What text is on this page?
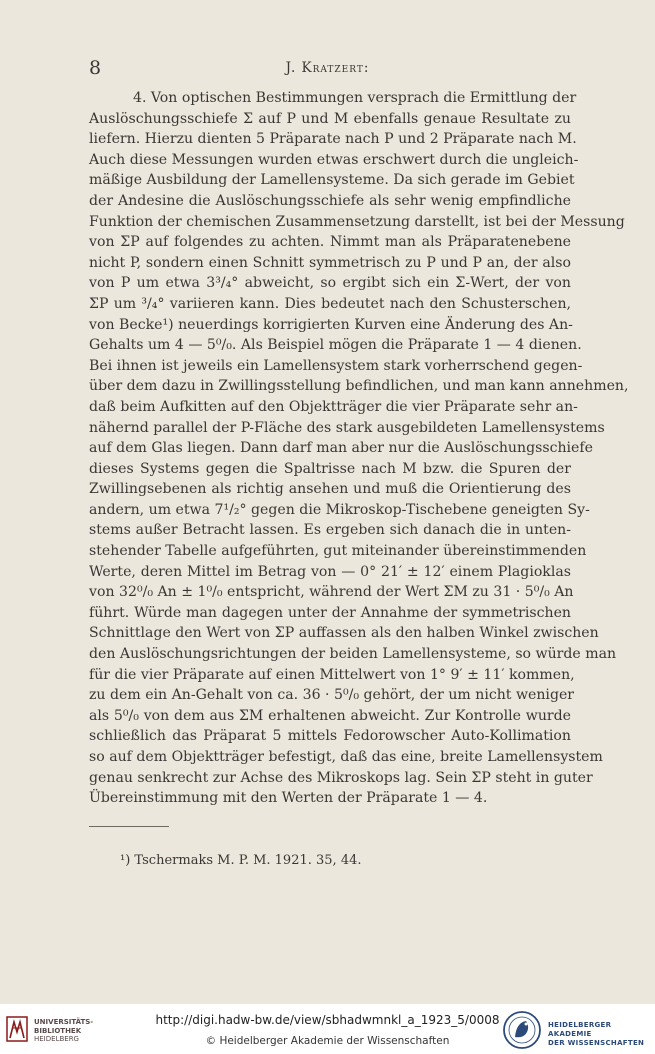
8	J. Kratzert:
4. Von optischen Bestimmungen versprach die Ermittlung der
Auslöschungsschiefe Σ auf P und M ebenfalls genaue Resultate zu
liefern. Hierzu dienten 5 Präparate nach P und 2 Präparate nach M.
Auch diese Messungen wurden etwas erschwert durch die ungleich-
mäßige Ausbildung der Lamellensysteme. Da sich gerade im Gebiet
der Andesine die Auslöschungsschiefe als sehr wenig empfindliche
Funktion der chemischen Zusammensetzung darstellt, ist bei der Messung
von ΣP auf folgendes zu achten. Nimmt man als Präparatenebene
nicht P, sondern einen Schnitt symmetrisch zu P und P an, der also
von P um etwa 3³/₄° abweicht, so ergibt sich ein Σ-Wert, der von
ΣP um ³/₄° variieren kann. Dies bedeutet nach den Schusterschen,
von Becke¹) neuerdings korrigierten Kurven eine Änderung des An-
Gehalts um 4 — 5⁰/₀. Als Beispiel mögen die Präparate 1 — 4 dienen.
Bei ihnen ist jeweils ein Lamellensystem stark vorherrschend gegen-
über dem dazu in Zwillingsstellung befindlichen, und man kann annehmen,
daß beim Aufkitten auf den Objektträger die vier Präparate sehr an-
nähernd parallel der P-Fläche des stark ausgebildeten Lamellensystems
auf dem Glas liegen. Dann darf man aber nur die Auslöschungsschiefe
dieses Systems gegen die Spaltrisse nach M bzw. die Spuren der
Zwillingsebenen als richtig ansehen und muß die Orientierung des
andern, um etwa 7¹/₂° gegen die Mikroskop-Tischebene geneigten Sy-
stems außer Betracht lassen. Es ergeben sich danach die in unten-
stehender Tabelle aufgeführten, gut miteinander übereinstimmenden
Werte, deren Mittel im Betrag von — 0° 21′ ± 12′ einem Plagioklas
von 32⁰/₀ An ± 1⁰/₀ entspricht, während der Wert ΣM zu 31 · 5⁰/₀ An
führt. Würde man dagegen unter der Annahme der symmetrischen
Schnittlage den Wert von ΣP auffassen als den halben Winkel zwischen
den Auslöschungsrichtungen der beiden Lamellensysteme, so würde man
für die vier Präparate auf einen Mittelwert von 1° 9′ ± 11′ kommen,
zu dem ein An-Gehalt von ca. 36 · 5⁰/₀ gehört, der um nicht weniger
als 5⁰/₀ von dem aus ΣM erhaltenen abweicht. Zur Kontrolle wurde
schließlich das Präparat 5 mittels Fedorowscher Auto-Kollimation
so auf dem Objektträger befestigt, daß das eine, breite Lamellensystem
genau senkrecht zur Achse des Mikroskops lag. Sein ΣP steht in guter
Übereinstimmung mit den Werten der Präparate 1 — 4.
¹) Tschermaks M. P. M. 1921. 35, 44.
UNIVERSITÄTS-
BIBLIOTHEK
HEIDELBERG
http://digi.hadw-bw.de/view/sbhadwmnkl_a_1923_5/0008
© Heidelberger Akademie der Wissenschaften
HEIDELBERGER AKADEMIE
DER WISSENSCHAFTEN
